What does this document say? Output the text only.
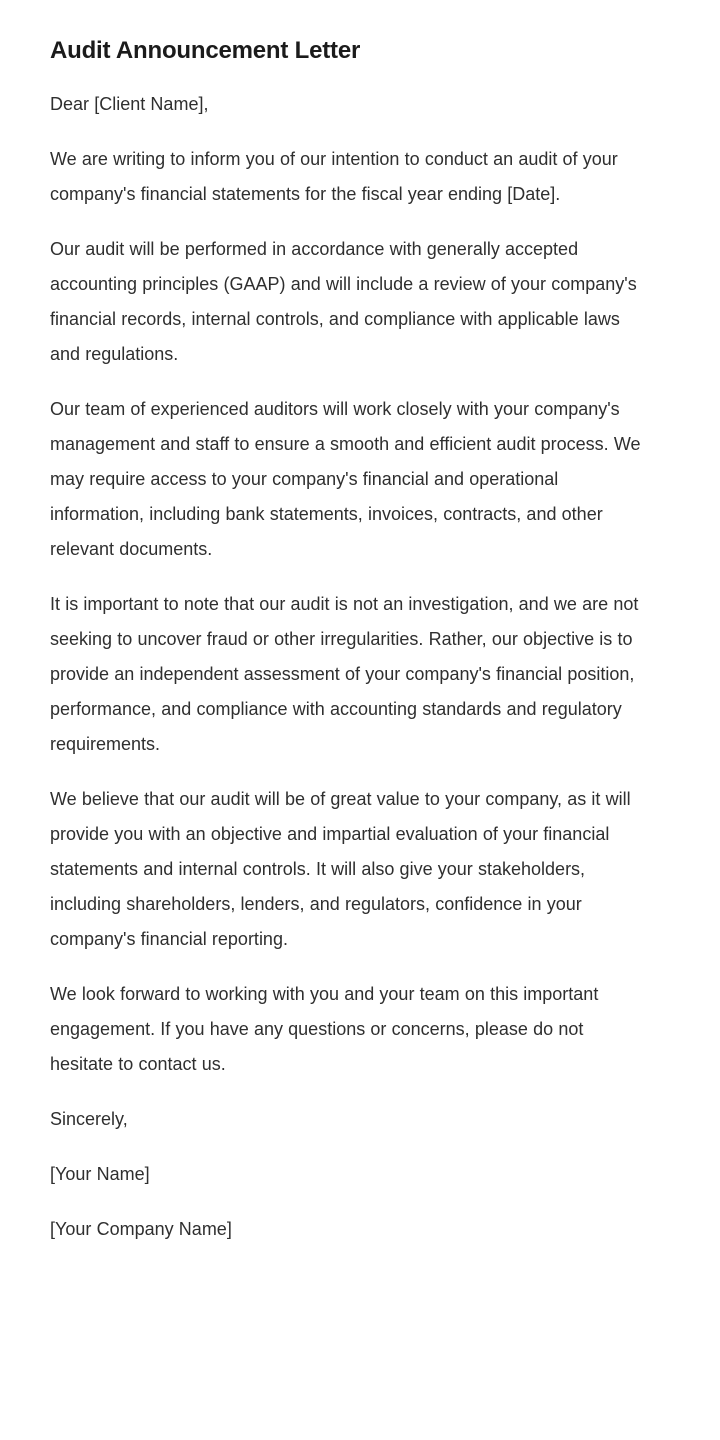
Audit Announcement Letter

Dear [Client Name],

We are writing to inform you of our intention to conduct an audit of your company's financial statements for the fiscal year ending [Date].

Our audit will be performed in accordance with generally accepted accounting principles (GAAP) and will include a review of your company's financial records, internal controls, and compliance with applicable laws and regulations.

Our team of experienced auditors will work closely with your company's management and staff to ensure a smooth and efficient audit process. We may require access to your company's financial and operational information, including bank statements, invoices, contracts, and other relevant documents.

It is important to note that our audit is not an investigation, and we are not seeking to uncover fraud or other irregularities. Rather, our objective is to provide an independent assessment of your company's financial position, performance, and compliance with accounting standards and regulatory requirements.

We believe that our audit will be of great value to your company, as it will provide you with an objective and impartial evaluation of your financial statements and internal controls. It will also give your stakeholders, including shareholders, lenders, and regulators, confidence in your company's financial reporting.

We look forward to working with you and your team on this important engagement. If you have any questions or concerns, please do not hesitate to contact us.

Sincerely,

[Your Name]

[Your Company Name]
